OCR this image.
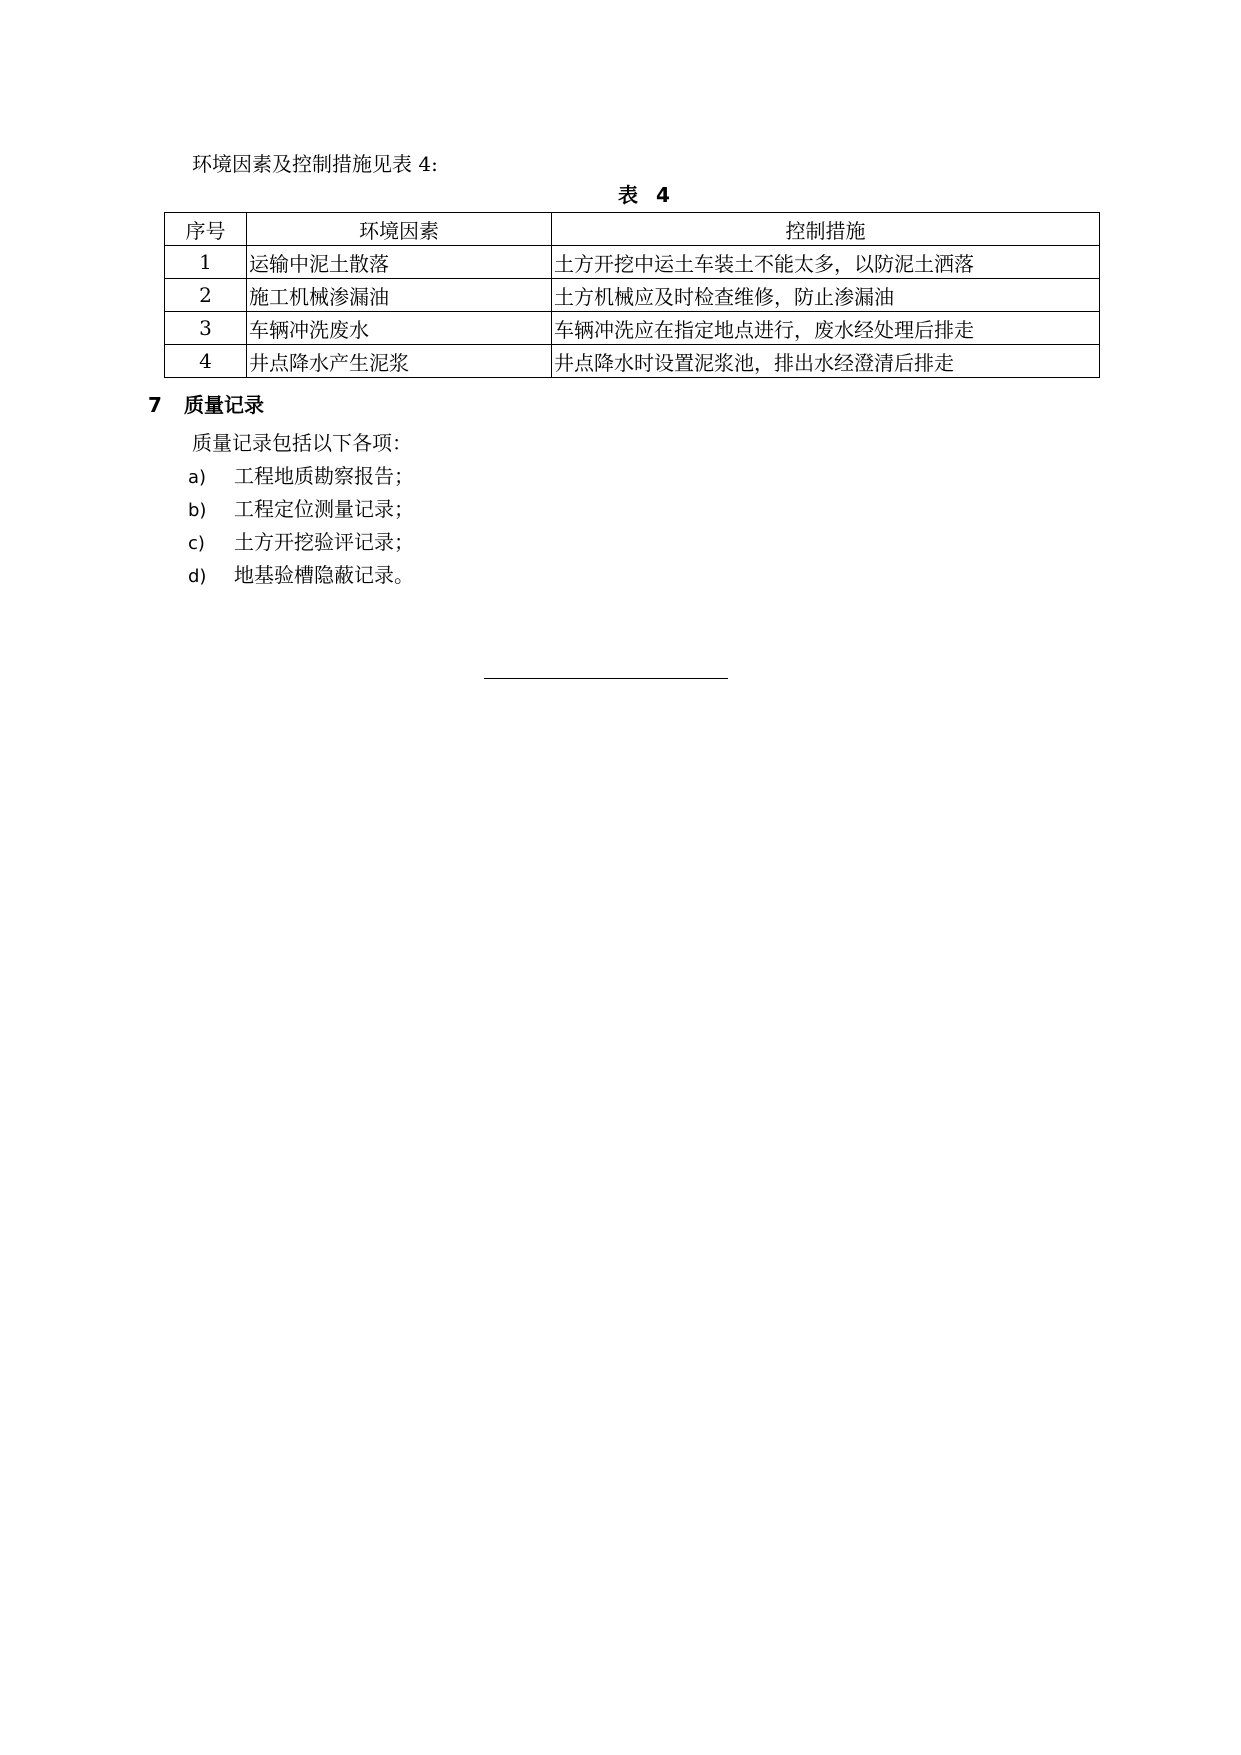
环境因素及控制措施见表 4:
表 4
序号	环境因素	控制措施
1	运输中泥土散落	土方开挖中运土车装土不能太多，以防泥土洒落
2	施工机械渗漏油	土方机械应及时检查维修，防止渗漏油
3	车辆冲洗废水	车辆冲洗应在指定地点进行，废水经处理后排走
4	井点降水产生泥浆	井点降水时设置泥浆池，排出水经澄清后排走
7 质量记录
质量记录包括以下各项：
a) 工程地质勘察报告；
b) 工程定位测量记录；
c) 土方开挖验评记录；
d) 地基验槽隐蔽记录。
